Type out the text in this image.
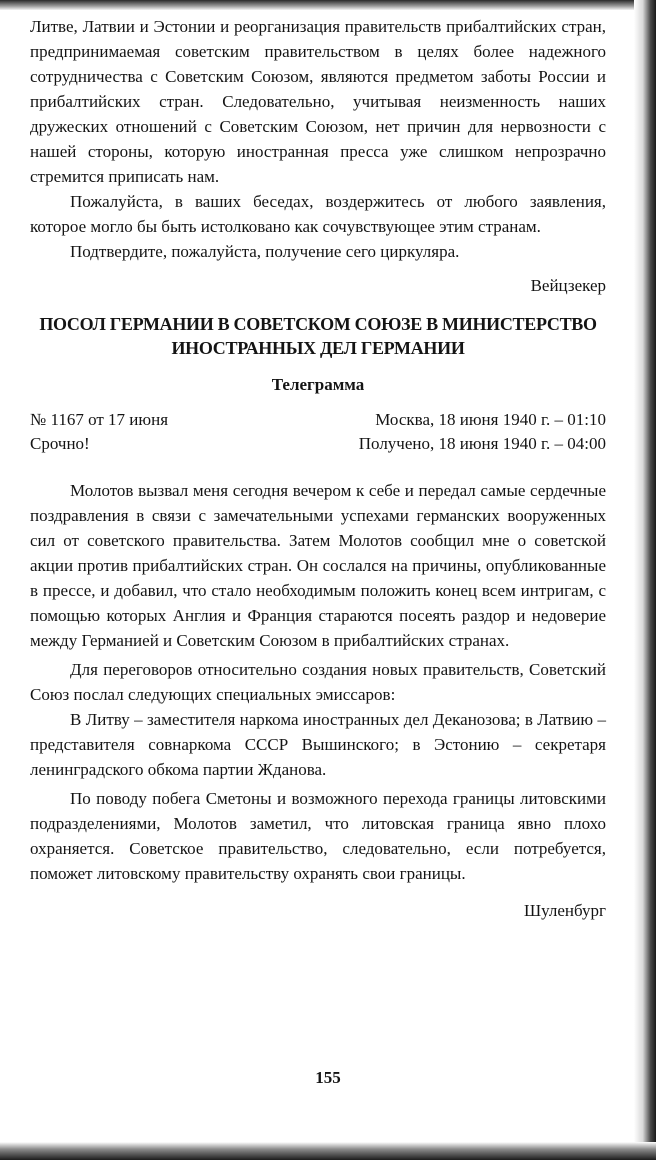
Литве, Латвии и Эстонии и реорганизация правительств прибалтийских стран, предпринимаемая советским правительством в целях более надежного сотрудничества с Советским Союзом, являются предметом заботы России и прибалтийских стран. Следовательно, учитывая неизменность наших дружеских отношений с Советским Союзом, нет причин для нервозности с нашей стороны, которую иностранная пресса уже слишком непрозрачно стремится приписать нам.

Пожалуйста, в ваших беседах, воздержитесь от любого заявления, которое могло бы быть истолковано как сочувствующее этим странам.

Подтвердите, пожалуйста, получение сего циркуляра.

Вейцзекер
ПОСОЛ ГЕРМАНИИ В СОВЕТСКОМ СОЮЗЕ В МИНИСТЕРСТВО
ИНОСТРАННЫХ ДЕЛ ГЕРМАНИИ
Телеграмма
№ 1167 от 17 июня	Москва, 18 июня 1940 г. – 01:10
Срочно!	Получено, 18 июня 1940 г. – 04:00

Молотов вызвал меня сегодня вечером к себе и передал самые сердечные поздравления в связи с замечательными успехами германских вооруженных сил от советского правительства. Затем Молотов сообщил мне о советской акции против прибалтийских стран. Он сослался на причины, опубликованные в прессе, и добавил, что стало необходимым положить конец всем интригам, с помощью которых Англия и Франция стараются посеять раздор и недоверие между Германией и Советским Союзом в прибалтийских странах.

Для переговоров относительно создания новых правительств, Советский Союз послал следующих специальных эмиссаров:

В Литву – заместителя наркома иностранных дел Деканозова; в Латвию – представителя совнаркома СССР Вышинского; в Эстонию – секретаря ленинградского обкома партии Жданова.

По поводу побега Сметоны и возможного перехода границы литовскими подразделениями, Молотов заметил, что литовская граница явно плохо охраняется. Советское правительство, следовательно, если потребуется, поможет литовскому правительству охранять свои границы.

Шуленбург
155
